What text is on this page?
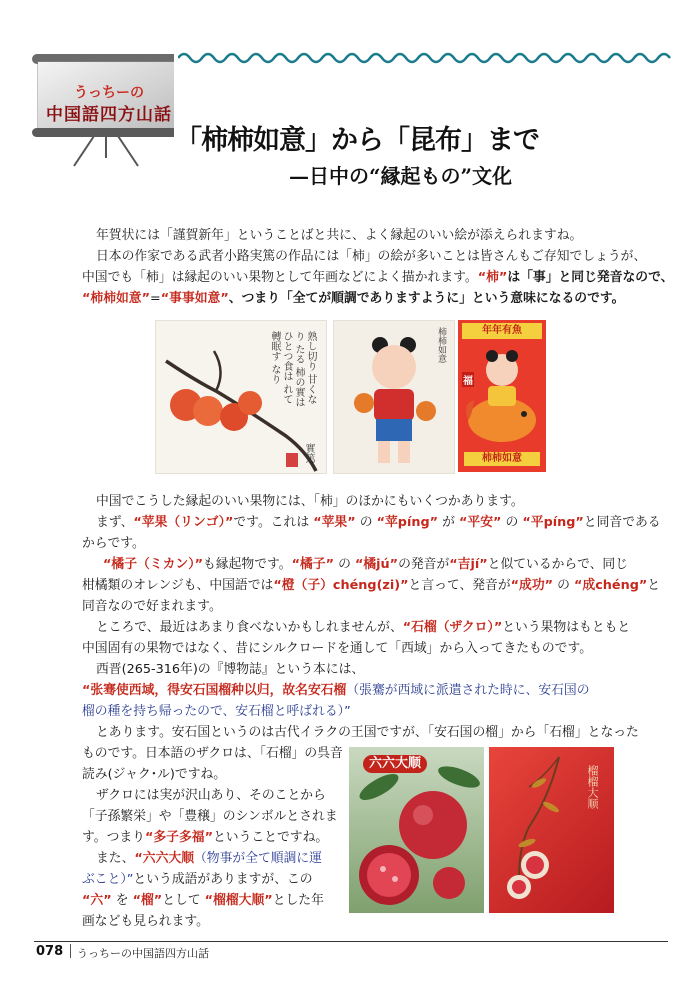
うっちーの
中国語四方山話
「柿柿如意」から「昆布」まで
—日中の“縁起もの”文化
年賀状には「謹賀新年」ということばと共に、よく縁起のいい絵が添えられますね。
日本の作家である武者小路実篤の作品には「柿」の絵が多いことは皆さんもご存知でしょうが、
中国でも「柿」は縁起のいい果物として年画などによく描かれます。“柿”は「事」と同じ発音なので、
“柿柿如意”=“事事如意”、つまり「全てが順調でありますように」という意味になるのです。
熟し切り 甘くなり たる 柿の實は ひとつ食は れて 轉眠す なり
實篤
柿柿如意	年年有魚
福
柿柿如意
中国でこうした縁起のいい果物には、「柿」のほかにもいくつかあります。
まず、“苹果（リンゴ）”です。これは “苹果” の “苹píng” が “平安” の “平píng”と同音である
からです。
“橘子（ミカン）”も縁起物です。“橘子” の “橘jú”の発音が“吉jí”と似ているからで、同じ
柑橘類のオレンジも、中国語では“橙（子）chéng(zi)”と言って、発音が“成功” の “成chéng”と
同音なので好まれます。
ところで、最近はあまり食べないかもしれませんが、“石榴（ザクロ）”という果物はもともと
中国固有の果物ではなく、昔にシルクロードを通して「西域」から入ってきたものです。
西晋(265-316年)の『博物誌』という本には、
“张骞使西域，得安石国榴种以归，故名安石榴（張騫が西域に派遣された時に、安石国の
榴の種を持ち帰ったので、安石榴と呼ばれる）”
とあります。安石国というのは古代イラクの王国ですが、「安石国の榴」から「石榴」となった
ものです。日本語のザクロは、「石榴」の呉音
読み(ジャク･ル)ですね。
ザクロには実が沢山あり、そのことから
「子孫繁栄」や「豊穣」のシンボルとされま
す。つまり“多子多福”ということですね。
また、“六六大顺（物事が全て順調に運
ぶこと）”という成語がありますが、この
“六” を “榴”として “榴榴大顺”とした年
画なども見られます。
六六大顺
榴榴大顺
078 うっちーの中国語四方山話
